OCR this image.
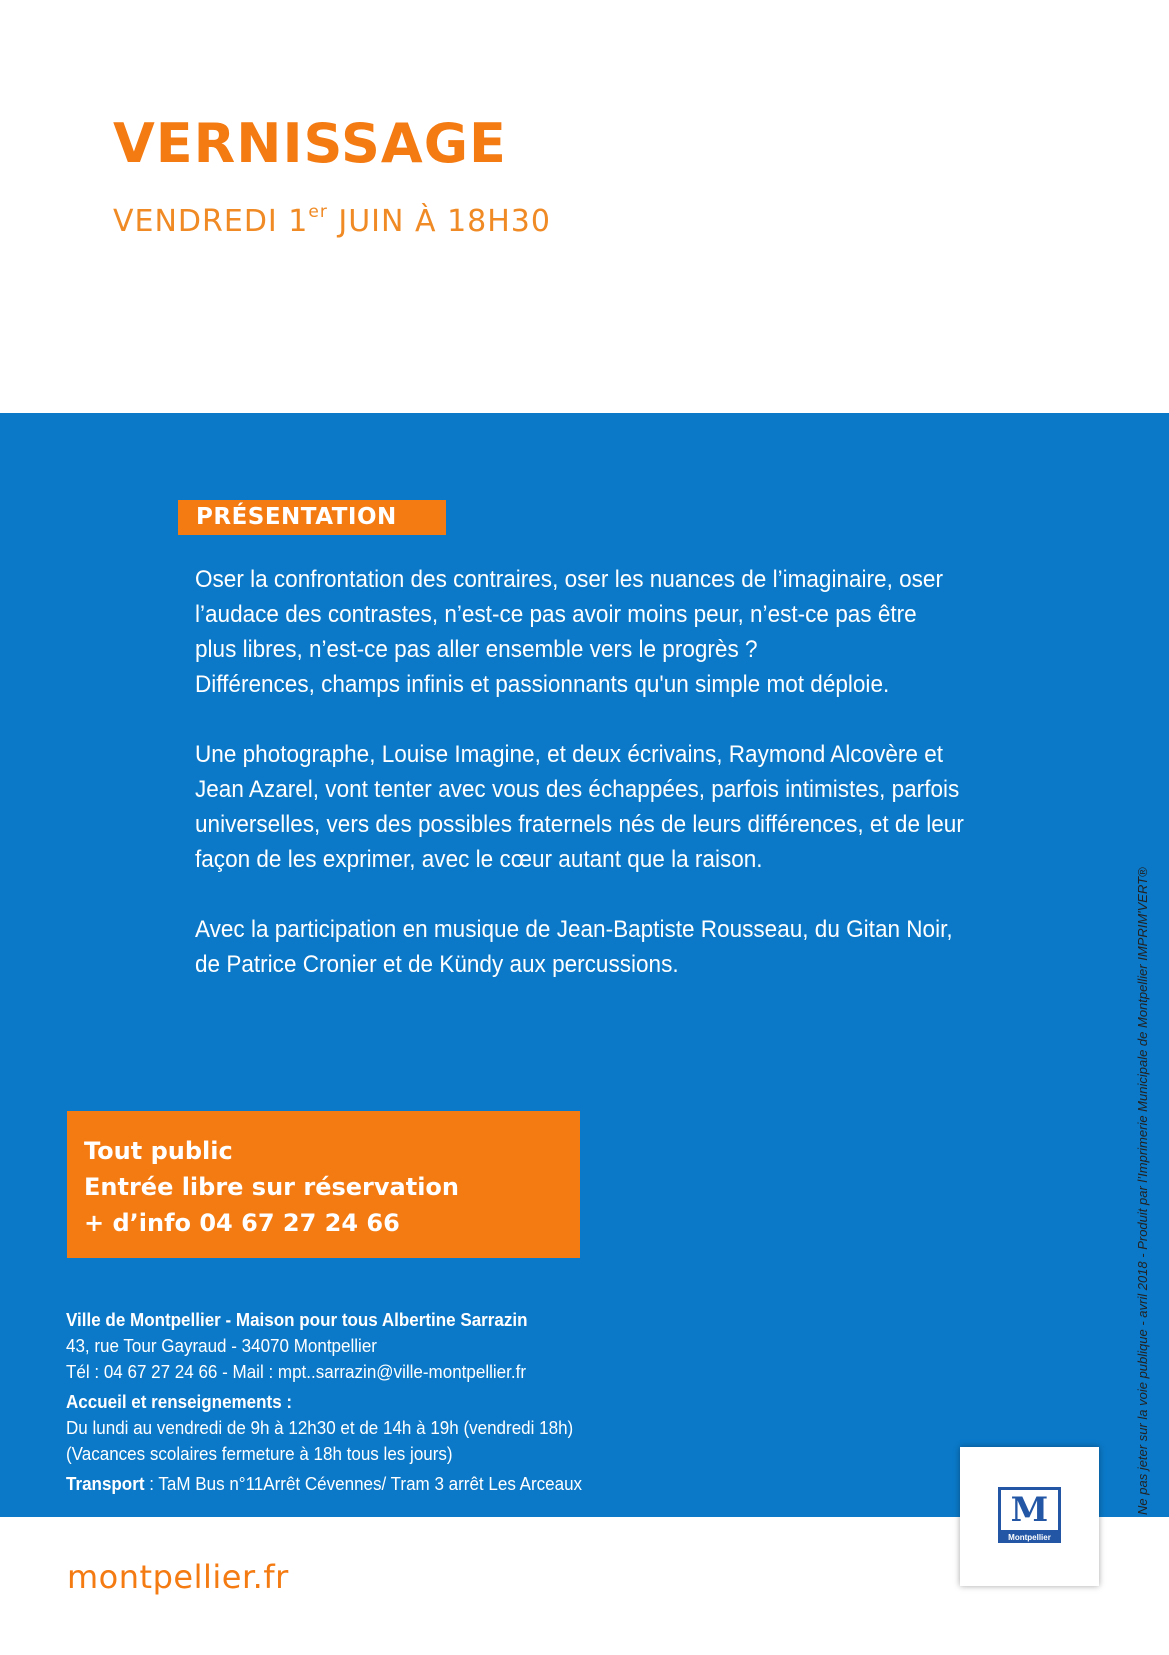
VERNISSAGE

VENDREDI 1er JUIN À 18H30

PRÉSENTATION

Oser la confrontation des contraires, oser les nuances de l’imaginaire, oser
l’audace des contrastes, n’est-ce pas avoir moins peur, n’est-ce pas être
plus libres, n’est-ce pas aller ensemble vers le progrès ?
Différences, champs infinis et passionnants qu'un simple mot déploie.

Une photographe, Louise Imagine, et deux écrivains, Raymond Alcovère et
Jean Azarel, vont tenter avec vous des échappées, parfois intimistes, parfois
universelles, vers des possibles fraternels nés de leurs différences, et de leur
façon de les exprimer, avec le cœur autant que la raison.

Avec la participation en musique de Jean-Baptiste Rousseau, du Gitan Noir,
de Patrice Cronier et de Kündy aux percussions.

Tout public
Entrée libre sur réservation
+ d’info 04 67 27 24 66
Ville de Montpellier - Maison pour tous Albertine Sarrazin
43, rue Tour Gayraud - 34070 Montpellier
Tél : 04 67 27 24 66 - Mail : mpt..sarrazin@ville-montpellier.fr
Accueil et renseignements :
Du lundi au vendredi de 9h à 12h30 et de 14h à 19h (vendredi 18h)
(Vacances scolaires fermeture à 18h tous les jours)
Transport : TaM Bus n°11Arrêt Cévennes/ Tram 3 arrêt Les Arceaux	Ne pas jeter sur la voie publique - avril 2018 - Produit par l’Imprimerie Municipale de Montpellier IMPRIM'VERT®
M
Montpellier
montpellier.fr
